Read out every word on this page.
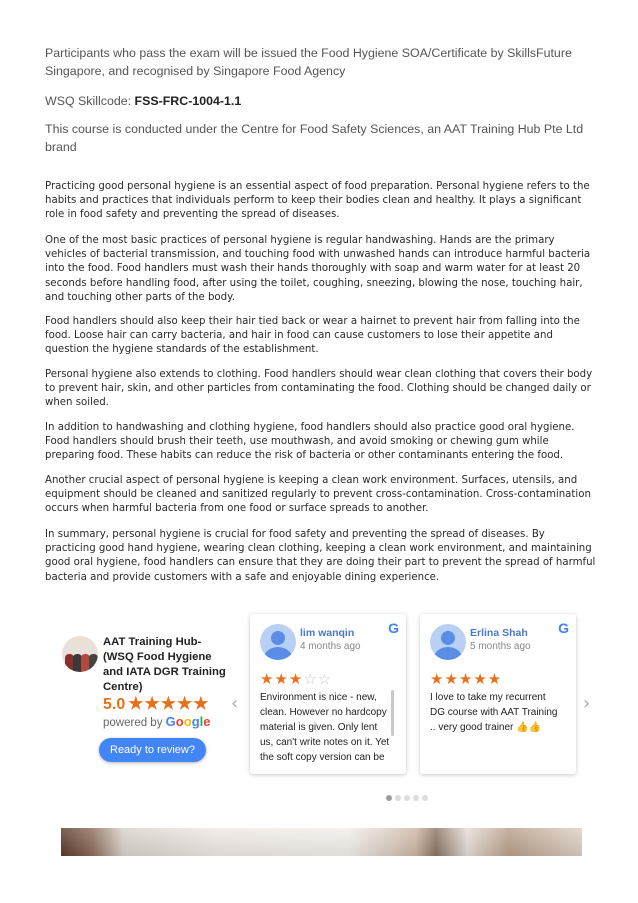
Participants who pass the exam will be issued the Food Hygiene SOA/Certificate by SkillsFuture Singapore, and recognised by Singapore Food Agency

WSQ Skillcode: FSS-FRC-1004-1.1

This course is conducted under the Centre for Food Safety Sciences, an AAT Training Hub Pte Ltd brand

Practicing good personal hygiene is an essential aspect of food preparation. Personal hygiene refers to the habits and practices that individuals perform to keep their bodies clean and healthy. It plays a significant role in food safety and preventing the spread of diseases.

One of the most basic practices of personal hygiene is regular handwashing. Hands are the primary vehicles of bacterial transmission, and touching food with unwashed hands can introduce harmful bacteria into the food. Food handlers must wash their hands thoroughly with soap and warm water for at least 20 seconds before handling food, after using the toilet, coughing, sneezing, blowing the nose, touching hair, and touching other parts of the body.

Food handlers should also keep their hair tied back or wear a hairnet to prevent hair from falling into the food. Loose hair can carry bacteria, and hair in food can cause customers to lose their appetite and question the hygiene standards of the establishment.

Personal hygiene also extends to clothing. Food handlers should wear clean clothing that covers their body to prevent hair, skin, and other particles from contaminating the food. Clothing should be changed daily or when soiled.

In addition to handwashing and clothing hygiene, food handlers should also practice good oral hygiene. Food handlers should brush their teeth, use mouthwash, and avoid smoking or chewing gum while preparing food. These habits can reduce the risk of bacteria or other contaminants entering the food.

Another crucial aspect of personal hygiene is keeping a clean work environment. Surfaces, utensils, and equipment should be cleaned and sanitized regularly to prevent cross-contamination. Cross-contamination occurs when harmful bacteria from one food or surface spreads to another.

In summary, personal hygiene is crucial for food safety and preventing the spread of diseases. By practicing good hand hygiene, wearing clean clothing, keeping a clean work environment, and maintaining good oral hygiene, food handlers can ensure that they are doing their part to prevent the spread of harmful bacteria and provide customers with a safe and enjoyable dining experience.

AAT Training Hub- (WSQ Food Hygiene and IATA DGR Training Centre)
5.0 ★★★★★
powered by Google
Ready to review?
‹	›
lim wanqin
4 months ago
G
★★★☆☆
Environment is nice - new, clean. However no hardcopy material is given. Only lent us, can't write notes on it. Yet the soft copy version can be
Erlina Shah
5 months ago
G
★★★★★
I love to take my recurrent DG course with AAT Training .. very good trainer 👍👍
